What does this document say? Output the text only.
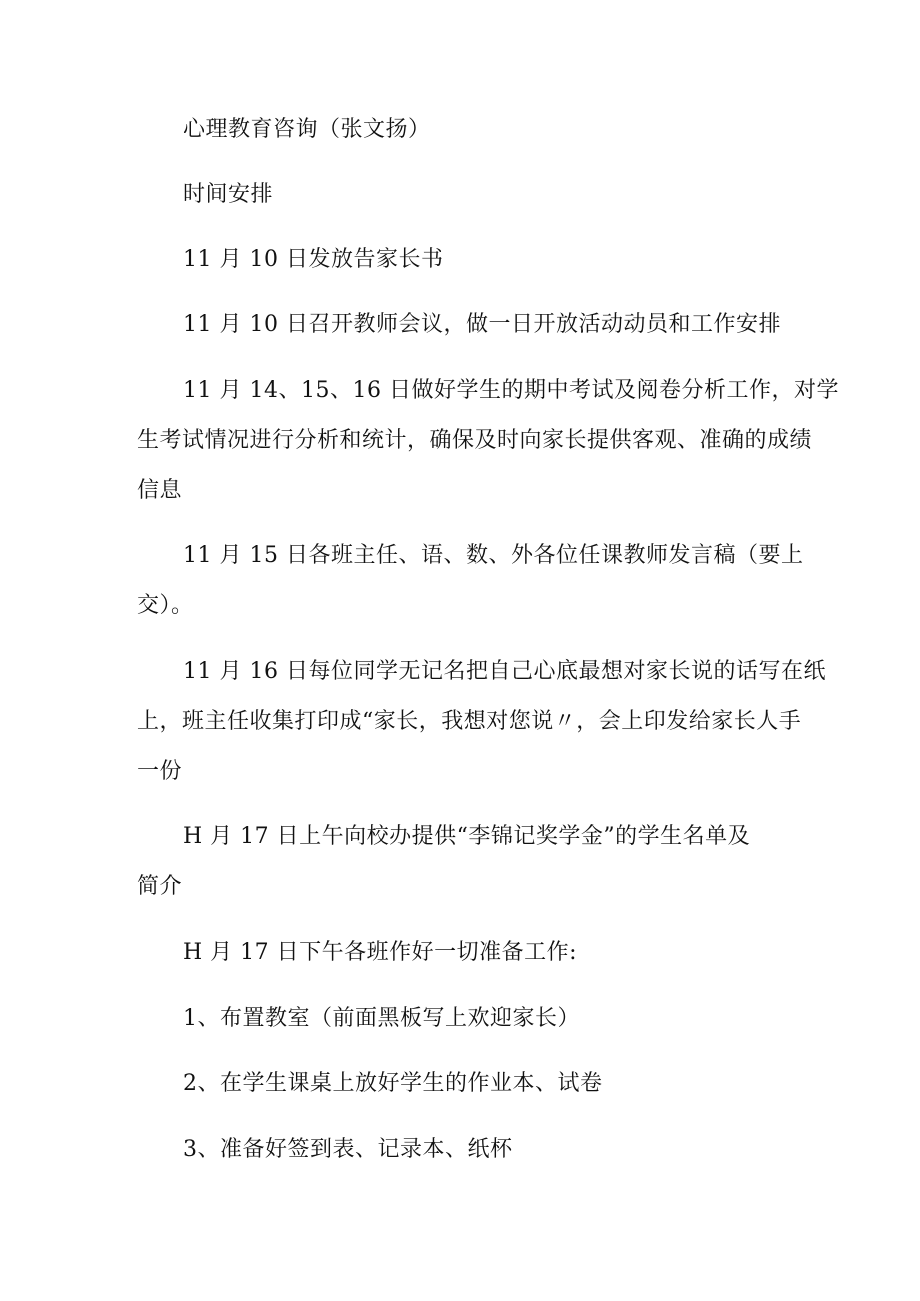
心理教育咨询（张文扬）
时间安排
11 月 10 日发放告家长书
11 月 10 日召开教师会议，做一日开放活动动员和工作安排
11 月 14、15、16 日做好学生的期中考试及阅卷分析工作，对学
生考试情况进行分析和统计，确保及时向家长提供客观、准确的成绩
信息
11 月 15 日各班主任、语、数、外各位任课教师发言稿（要上
交）。
11 月 16 日每位同学无记名把自己心底最想对家长说的话写在纸
上，班主任收集打印成“家长，我想对您说〃，会上印发给家长人手
一份
H 月 17 日上午向校办提供“李锦记奖学金”的学生名单及
简介
H 月 17 日下午各班作好一切准备工作:
1、布置教室（前面黑板写上欢迎家长）
2、在学生课桌上放好学生的作业本、试卷
3、准备好签到表、记录本、纸杯
